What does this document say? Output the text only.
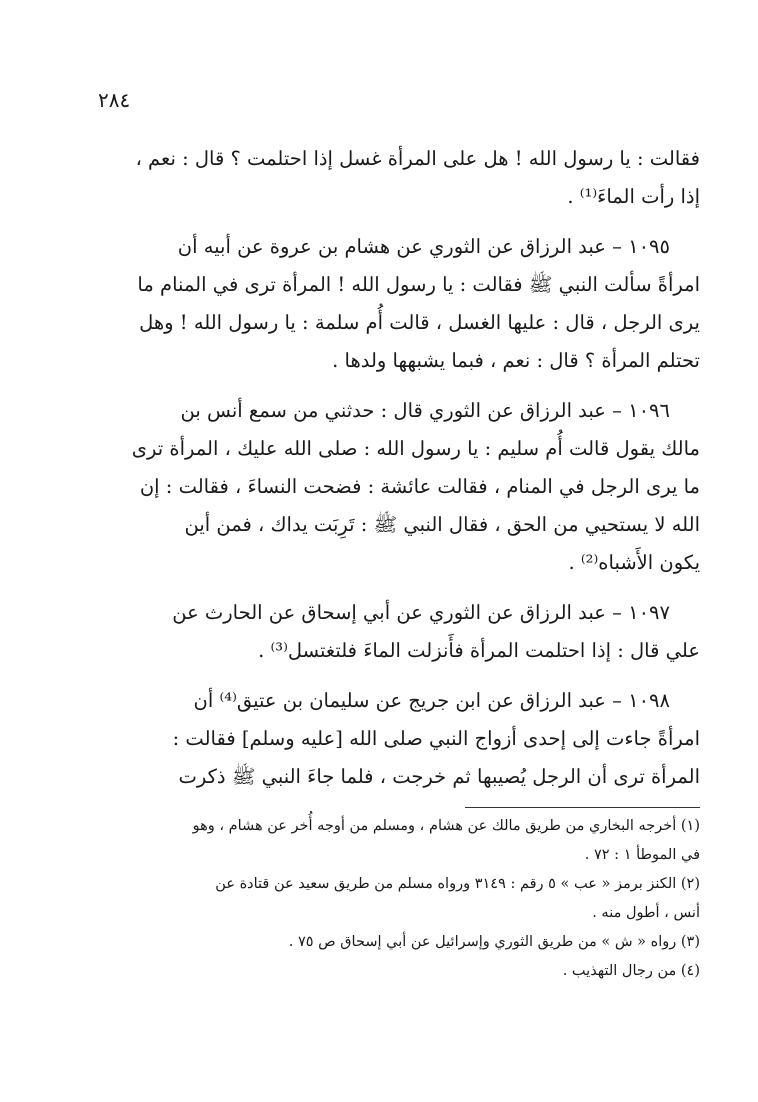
٢٨٤
فقالت : يا رسول الله ! هل على المرأة غسل إذا احتلمت ؟ قال : نعم ،
إذا رأت الماءَ⁽¹⁾ .
١٠٩٥ – عبد الرزاق عن الثوري عن هشام بن عروة عن أبيه أن
امرأةً سألت النبي ﷺ فقالت : يا رسول الله ! المرأة ترى في المنام ما
يرى الرجل ، قال : عليها الغسل ، قالت أُم سلمة : يا رسول الله ! وهل
تحتلم المرأة ؟ قال : نعم ، فبما يشبهها ولدها .
١٠٩٦ – عبد الرزاق عن الثوري قال : حدثني من سمع أنس بن
مالك يقول قالت أُم سليم : يا رسول الله : صلى الله عليك ، المرأة ترى
ما يرى الرجل في المنام ، فقالت عائشة : فضحت النساءَ ، فقالت : إن
الله لا يستحيي من الحق ، فقال النبي ﷺ : تَرِبَت يداك ، فمن أين
يكون الأَشباه⁽²⁾ .
١٠٩٧ – عبد الرزاق عن الثوري عن أبي إسحاق عن الحارث عن
علي قال : إذا احتلمت المرأة فأَنزلت الماءَ فلتغتسل⁽³⁾ .
١٠٩٨ – عبد الرزاق عن ابن جريج عن سليمان بن عتيق⁽⁴⁾ أن
امرأةً جاءت إلى إحدى أزواج النبي صلى الله [عليه وسلم] فقالت :
المرأة ترى أن الرجل يُصيبها ثم خرجت ، فلما جاءَ النبي ﷺ ذكرت
(١) أخرجه البخاري من طريق مالك عن هشام ، ومسلم من أوجه أُخر عن هشام ، وهو
في الموطأ ١ : ٧٢ .
(٢) الكنز برمز « عب » ٥ رقم : ٣١٤٩ ورواه مسلم من طريق سعيد عن قتادة عن
أنس ، أطول منه .
(٣) رواه « ش » من طريق الثوري وإسرائيل عن أبي إسحاق ص ٧٥ .
(٤) من رجال التهذيب .
